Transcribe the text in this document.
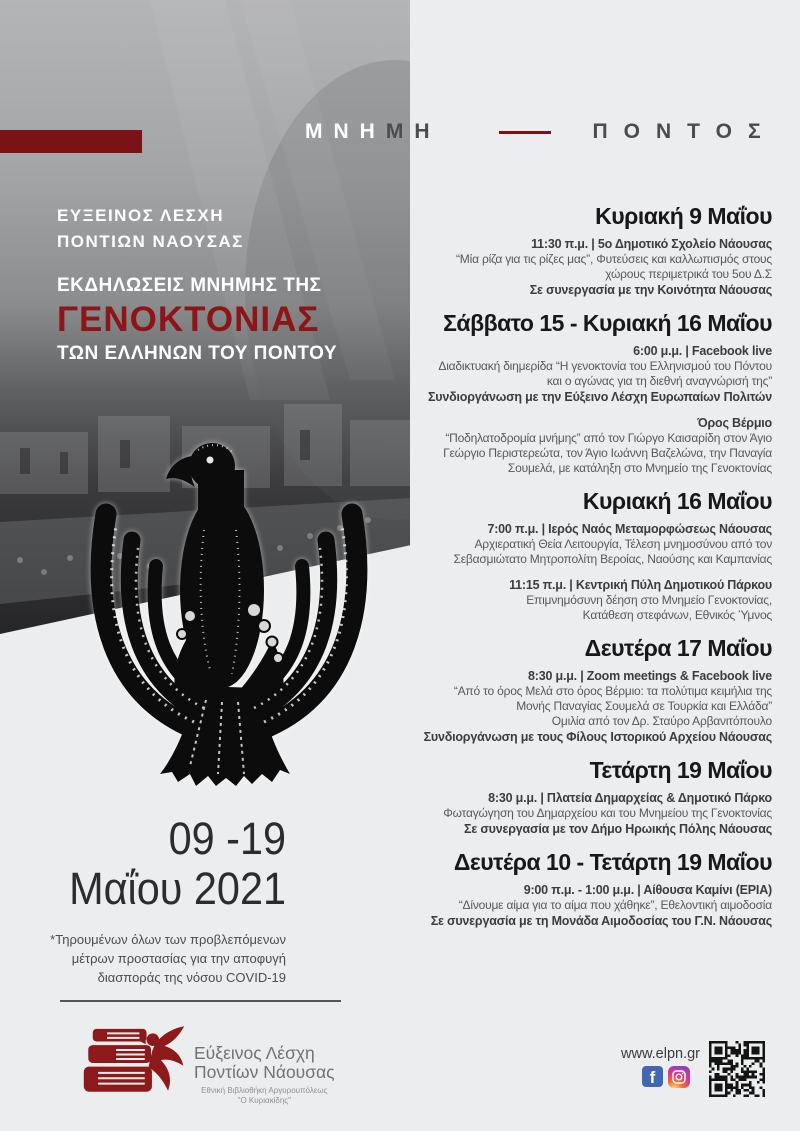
ΜΝΗ ΜΗ	ΠΟΝΤΟΣ
ΕΥΞΕΙΝΟΣ ΛΕΣΧΗ
ΠΟΝΤΙΩΝ ΝΑΟΥΣΑΣ
ΕΚΔΗΛΩΣΕΙΣ ΜΝΗΜΗΣ ΤΗΣ
ΓΕΝΟΚΤΟΝΙΑΣ
ΤΩΝ ΕΛΛΗΝΩΝ ΤΟΥ ΠΟΝΤΟΥ
09 -19
Μαΐου 2021
*Τηρουμένων όλων των προβλεπόμενων
μέτρων προστασίας για την αποφυγή
διασποράς της νόσου COVID-19
Εύξεινος Λέσχη
Ποντίων Νάουσας
Εθνική Βιβλιοθήκη Αργυρουπόλεως
"Ο Κυριακίδης"
Κυριακή 9 Μαΐου
11:30 π.μ. | 5ο Δημοτικό Σχολείο Νάουσας
“Μία ρίζα για τις ρίζες μας”, Φυτεύσεις και καλλωπισμός στους
χώρους περιμετρικά του 5ου Δ.Σ
Σε συνεργασία με την Κοινότητα Νάουσας
Σάββατο 15 - Κυριακή 16 Μαΐου
6:00 μ.μ. | Facebook live
Διαδικτυακή διημερίδα “Η γενοκτονία του Ελληνισμού του Πόντου
και ο αγώνας για τη διεθνή αναγνώρισή της”
Συνδιοργάνωση με την Εύξεινο Λέσχη Ευρωπαίων Πολιτών
Όρος Βέρμιο
“Ποδηλατοδρομία μνήμης” από τον Γιώργο Καισαρίδη στον Άγιο
Γεώργιο Περιστερεώτα, τον Άγιο Ιωάννη Βαζελώνα, την Παναγία
Σουμελά, με κατάληξη στο Μνημείο της Γενοκτονίας
Κυριακή 16 Μαΐου
7:00 π.μ. | Ιερός Ναός Μεταμορφώσεως Νάουσας
Αρχιερατική Θεία Λειτουργία, Τέλεση μνημοσύνου από τον
Σεβασμιώτατο Μητροπολίτη Βεροίας, Ναούσης και Καμπανίας
11:15 π.μ. | Κεντρική Πύλη Δημοτικού Πάρκου
Επιμνημόσυνη δέηση στο Μνημείο Γενοκτονίας,
Κατάθεση στεφάνων, Εθνικός Ύμνος
Δευτέρα 17 Μαΐου
8:30 μ.μ. | Zoom meetings & Facebook live
“Από το όρος Μελά στο όρος Βέρμιο: τα πολύτιμα κειμήλια της
Μονής Παναγίας Σουμελά σε Τουρκία και Ελλάδα”
Ομιλία από τον Δρ. Σταύρο Αρβανιτόπουλο
Συνδιοργάνωση με τους Φίλους Ιστορικού Αρχείου Νάουσας
Τετάρτη 19 Μαΐου
8:30 μ.μ. | Πλατεία Δημαρχείας & Δημοτικό Πάρκο
Φωταγώγηση του Δημαρχείου και του Μνημείου της Γενοκτονίας
Σε συνεργασία με τον Δήμο Ηρωικής Πόλης Νάουσας
Δευτέρα 10 - Τετάρτη 19 Μαΐου
9:00 π.μ. - 1:00 μ.μ. | Αίθουσα Καμίνι (ΕΡΙΑ)
“Δίνουμε αίμα για το αίμα που χάθηκε”, Εθελοντική αιμοδοσία
Σε συνεργασία με τη Μονάδα Αιμοδοσίας του Γ.Ν. Νάουσας
www.elpn.gr
f
